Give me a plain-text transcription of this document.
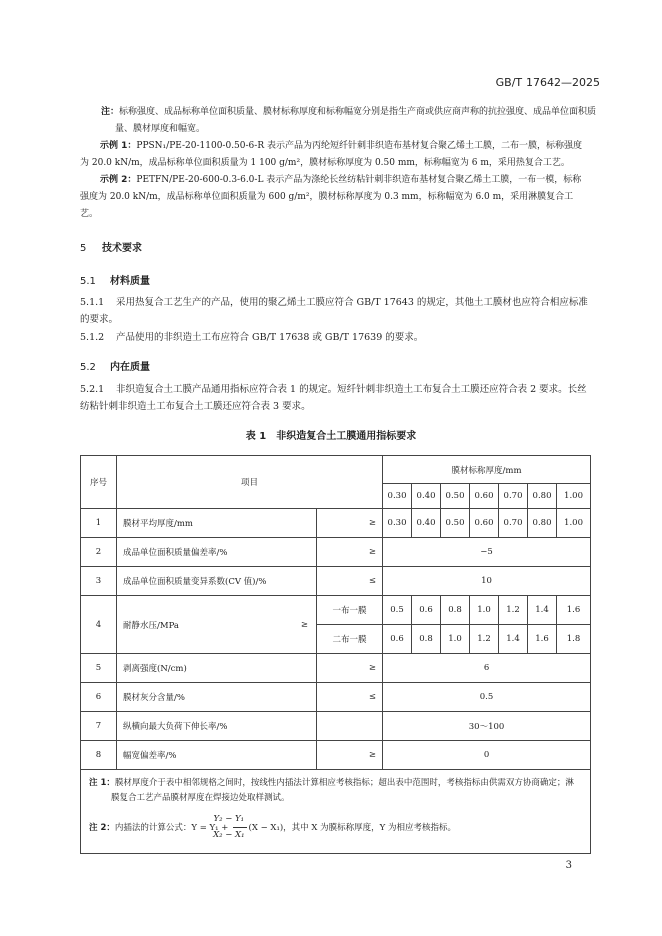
GB/T 17642—2025

注：标称强度、成品标称单位面积质量、膜材标称厚度和标称幅宽分别是指生产商或供应商声称的抗拉强度、成品单位面积质量、膜材厚度和幅宽。

示例 1：PPSN₁/PE-20-1100-0.50-6-R 表示产品为丙纶短纤针刺非织造布基材复合聚乙烯土工膜，二布一膜，标称强度为 20.0 kN/m，成品标称单位面积质量为 1 100 g/m²，膜材标称厚度为 0.50 mm，标称幅宽为 6 m，采用热复合工艺。

示例 2：PETFN/PE-20-600-0.3-6.0-L 表示产品为涤纶长丝纺粘针刺非织造布基材复合聚乙烯土工膜，一布一模，标称强度为 20.0 kN/m，成品标称单位面积质量为 600 g/m²，膜材标称厚度为 0.3 mm，标称幅宽为 6.0 m，采用淋膜复合工艺。

5 技术要求
5.1 材料质量

5.1.1 采用热复合工艺生产的产品，使用的聚乙烯土工膜应符合 GB/T 17643 的规定，其他土工膜材也应符合相应标准的要求。

5.1.2 产品使用的非织造土工布应符合 GB/T 17638 或 GB/T 17639 的要求。

5.2 内在质量

5.2.1 非织造复合土工膜产品通用指标应符合表 1 的规定。短纤针刺非织造土工布复合土工膜还应符合表 2 要求。长丝纺粘针刺非织造土工布复合土工膜还应符合表 3 要求。

表 1　非织造复合土工膜通用指标要求
序号	项目		膜材标称厚度/mm						
			0.30	0.40	0.50	0.60	0.70	0.80	1.00
1	膜材平均厚度/mm	≥	0.30	0.40	0.50	0.60	0.70	0.80	1.00
2	成品单位面积质量偏差率/%	≥	−5						
3	成品单位面积质量变异系数(CV 值)/%	≤	10						
4	耐静水压/MPa ≥	一布一膜	0.5	0.6	0.8	1.0	1.2	1.4	1.6
		二布一膜	0.6	0.8	1.0	1.2	1.4	1.6	1.8
5	剥离强度(N/cm)	≥	6						
6	膜材灰分含量/%	≤	0.5						
7	纵横向最大负荷下伸长率/%		30～100						
8	幅宽偏差率/%	≥	0						

注 1：膜材厚度介于表中相邻规格之间时，按线性内插法计算相应考核指标；超出表中范围时，考核指标由供需双方协商确定；淋膜复合工艺产品膜材厚度在焊接边处取样测试。
注 2：内插法的计算公式：$Y = Y_1 + \frac{\text{Y₂ − Y₁}}{\text{X₂ − X₁}} (X - X_1)$，其中 X 为膜标称厚度，Y 为相应考核指标。									
3
